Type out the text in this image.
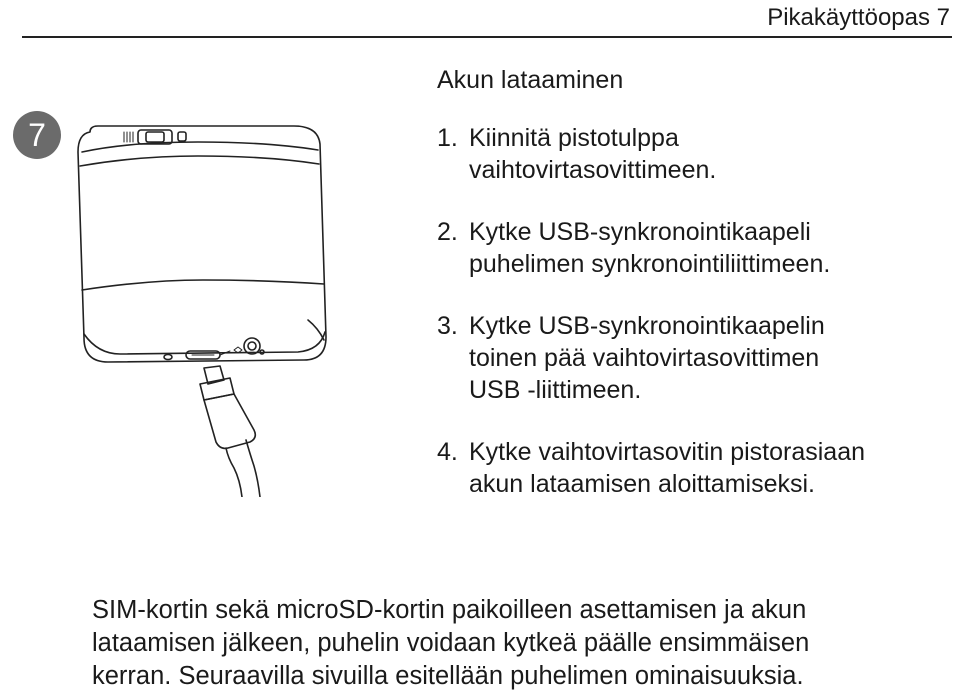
Pikakäyttöopas 7
7
Akun lataaminen
1. Kiinnitä pistotulppa
vaihtovirtasovittimeen.
2. Kytke USB-synkronointikaapeli
puhelimen synkronointiliittimeen.
3. Kytke USB-synkronointikaapelin
toinen pää vaihtovirtasovittimen
USB -liittimeen.
4. Kytke vaihtovirtasovitin pistorasiaan
akun lataamisen aloittamiseksi.
SIM-kortin sekä microSD-kortin paikoilleen asettamisen ja akun
lataamisen jälkeen, puhelin voidaan kytkeä päälle ensimmäisen
kerran. Seuraavilla sivuilla esitellään puhelimen ominaisuuksia.
